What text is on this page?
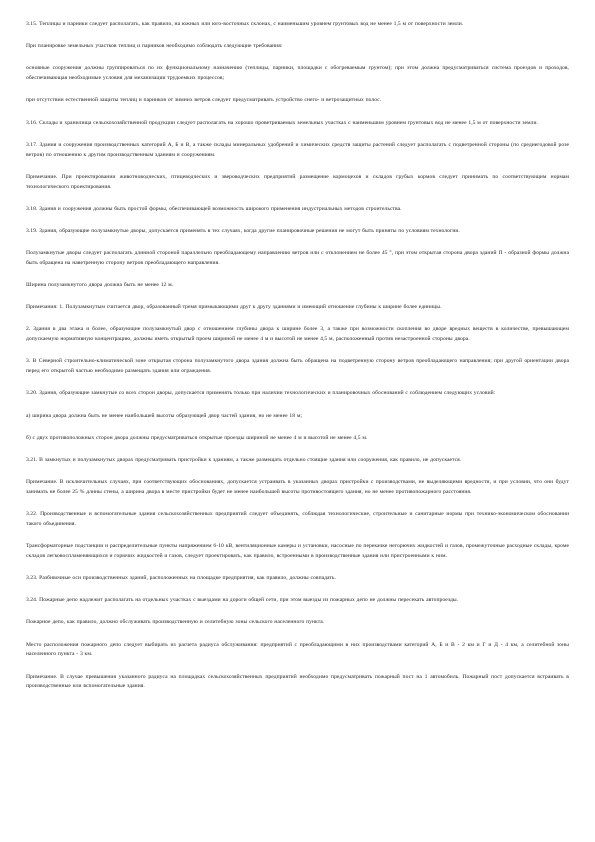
3.15. Теплицы и парники следует располагать, как правило, на южных или юго-восточных склонах, с наименьшим уровнем грунтовых вод не менее 1,5 м от поверхности земли.

При планировке земельных участков теплиц и парников необходимо соблюдать следующие требования:

основные сооружения должны группироваться по их функциональному назначению (теплицы, парники, площадки с обогреваемым грунтом); при этом должна предусматриваться система проездов и проходов, обеспечивающая необходимые условия для механизации трудоемких процессов;

при отсутствии естественной защиты теплиц и парников от зимних ветров следует предусматривать устройство снего- и ветрозащитных полос.

3.16. Склады и хранилища сельскохозяйственной продукции следует располагать на хорошо проветриваемых земельных участках с наименьшим уровнем грунтовых вод не менее 1,5 м от поверхности земли.

3.17. Здания и сооружения производственных категорий А, Б и В, а также склады минеральных удобрений и химических средств защиты растений следует располагать с подветренной стороны (по среднегодовой розе ветров) по отношению к другим производственным зданиям и сооружениям.

Примечание. При проектировании животноводческих, птицеводческих и звероводческих предприятий размещение кормоцехов и складов грубых кормов следует принимать по соответствующим нормам технологического проектирования.

3.18. Здания и сооружения должны быть простой формы, обеспечивающей возможность широкого применения индустриальных методов строительства.

3.19. Здания, образующие полузамкнутые дворы, допускается применять в тех случаях, когда другие планировочные решения не могут быть приняты по условиям технологии.

Полузамкнутые дворы следует располагать длинной стороной параллельно преобладающему направлению ветров или с отклонением не более 45 °, при этом открытая сторона двора зданий П - образной формы должна быть обращена на наветренную сторону ветров преобладающего направления.

Ширина полузамкнутого двора должна быть не менее 12 м.

Примечания: 1. Полузамкнутым считается двор, образованный тремя примыкающими друг к другу зданиями и имеющий отношение глубины к ширине более единицы.

2. Здания в два этажа и более, образующие полузамкнутый двор с отношением глубины двора к ширине более 3, а также при возможности скопления во дворе вредных веществ в количестве, превышающем допускаемую нормативную концентрацию, должны иметь открытый проем шириной не менее 4 м и высотой не менее 4,5 м, расположенный против незастроенной стороны двора.

3. В Северной строительно-климатической зоне открытая сторона полузамкнутого двора здания должна быть обращена на подветренную сторону ветров преобладающего направления; при другой ориентации двора перед его открытой частью необходимо размещать здания или ограждения.

3.20. Здания, образующие замкнутые со всех сторон дворы, допускается применять только при наличии технологических и планировочных обоснований с соблюдением следующих условий:

а) ширина двора должна быть не менее наибольшей высоты образующей двор частей здания, но не менее 18 м;

б) с двух противоположных сторон двора должны предусматриваться открытые проезды шириной не менее 4 м и высотой не менее 4,5 м.

3.21. В замкнутых и полузамкнутых дворах предусматривать пристройки к зданиям, а также размещать отдельно стоящие здания или сооружения, как правило, не допускается.

Примечание. В исключительных случаях, при соответствующих обоснованиях, допускается устраивать в указанных дворах пристройки с производствами, не выделяющими вредности, и при условии, что они будут занимать не более 25 % длины стены, а ширина двора в месте пристройки будет не менее наибольшей высоты противостоящего здания, но не менее противопожарного расстояния.

3.22. Производственные и вспомогательные здания сельскохозяйственных предприятий следует объединять, соблюдая технологические, строительные и санитарные нормы при технико-экономическом обосновании такого объединения.

Трансформаторные подстанции и распределительные пункты напряжением 6-10 кВ, вентиляционные камеры и установки, насосные по перекачке негорючих жидкостей и газов, промежуточные расходные склады, кроме складов легковоспламеняющихся и горючих жидкостей и газов, следует проектировать, как правило, встроенными в производственные здания или пристроенными к ним.

3.23. Разбивочные оси производственных зданий, расположенных на площадке предприятия, как правило, должны совпадать.

3.24. Пожарные депо надлежит располагать на отдельных участках с выездами на дороги общей сети, при этом выезды из пожарных депо не должны пересекать автопроезды.

Пожарное депо, как правило, должно обслуживать производственную и селитебную зоны сельского населенного пункта.

Место расположения пожарного депо следует выбирать из расчета радиуса обслуживания: предприятий с преобладающими в них производствами категорий А, Б и В - 2 км и Г и Д - 4 км, а селитебной зоны населенного пункта - 3 км.

Примечание. В случае превышения указанного радиуса на площадках сельскохозяйственных предприятий необходимо предусматривать пожарный пост на 1 автомобиль. Пожарный пост допускается встраивать в производственные или вспомогательные здания.
